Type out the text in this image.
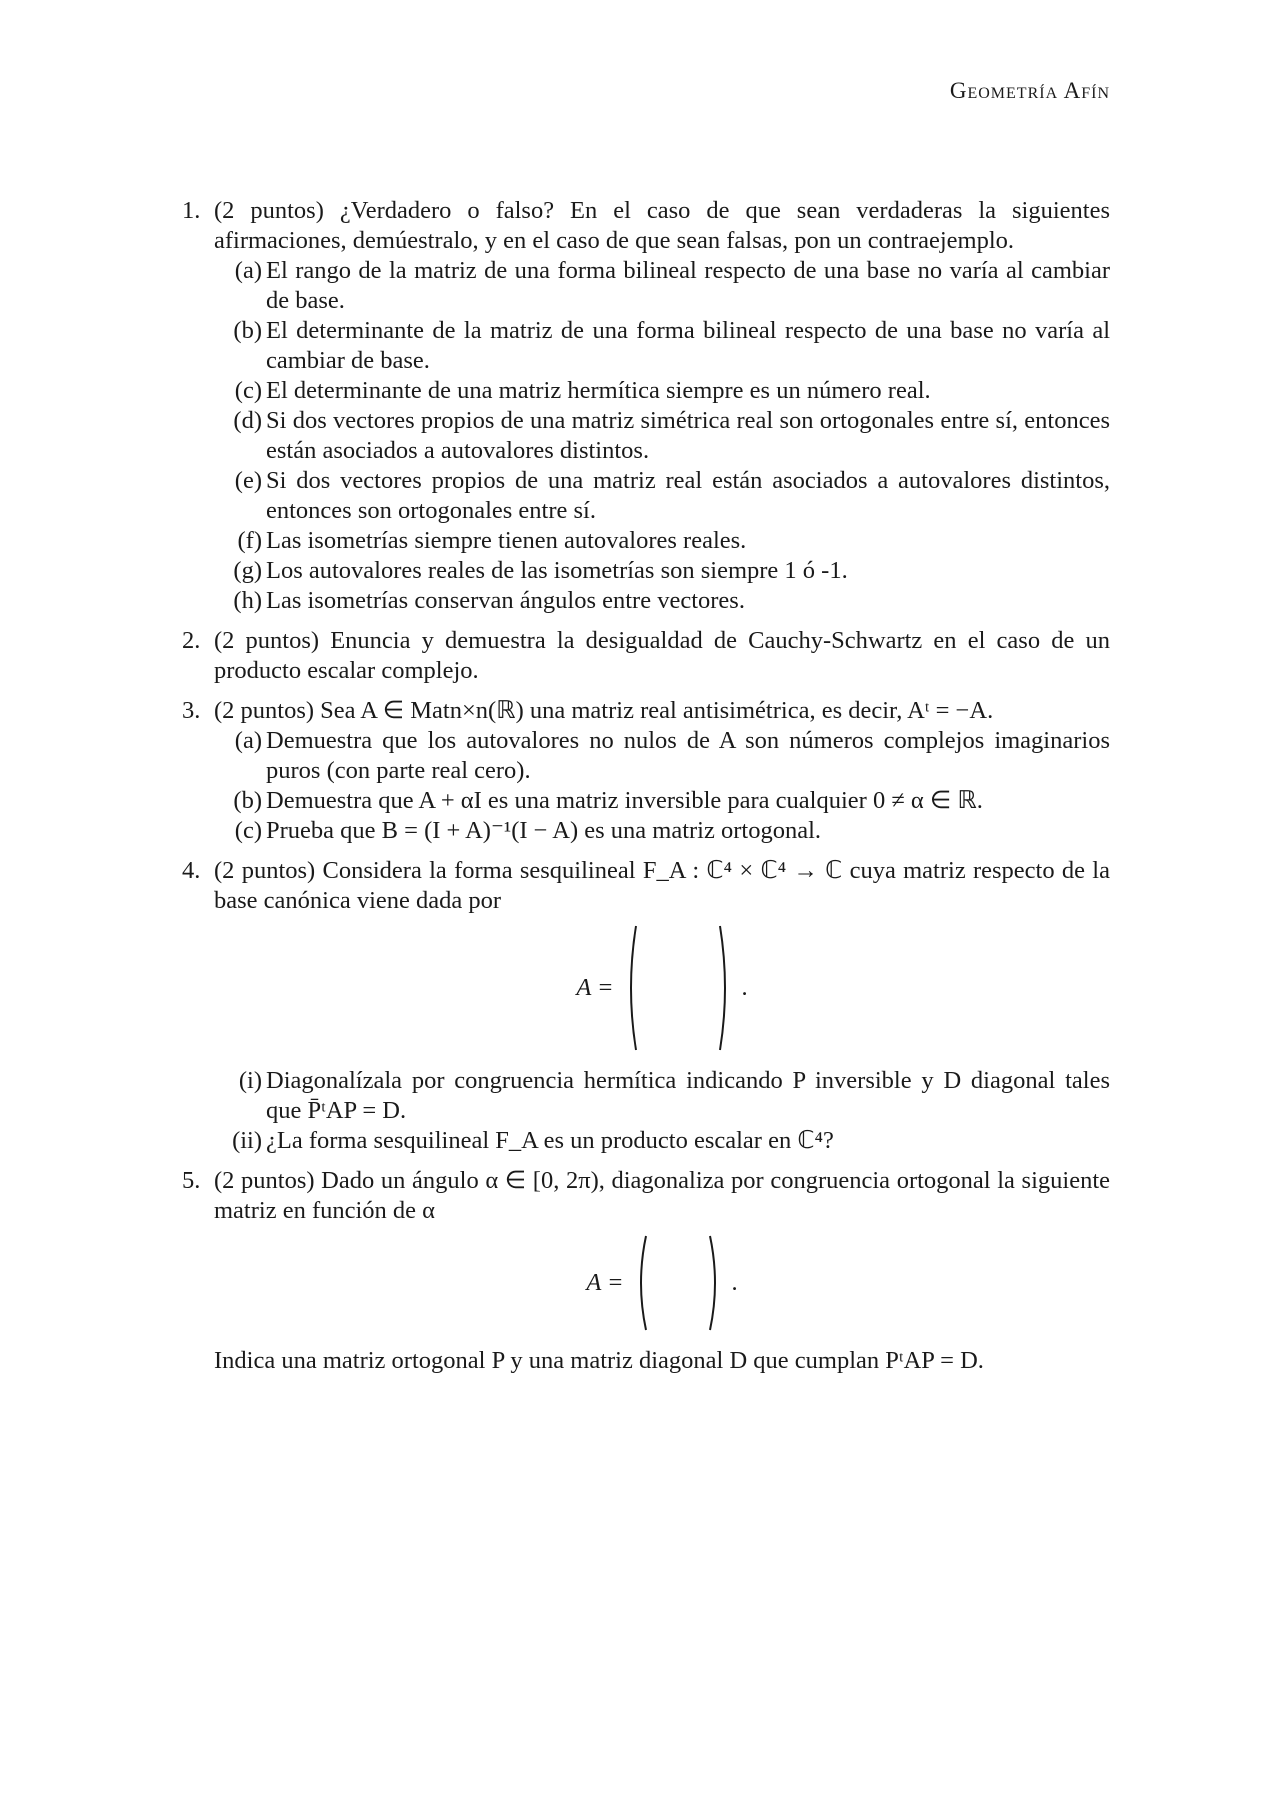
Geometría Afín
1. (2 puntos) ¿Verdadero o falso? En el caso de que sean verdaderas la siguientes afirmaciones, demúestralo, y en el caso de que sean falsas, pon un contraejemplo.
(a) El rango de la matriz de una forma bilineal respecto de una base no varía al cambiar de base.
(b) El determinante de la matriz de una forma bilineal respecto de una base no varía al cambiar de base.
(c) El determinante de una matriz hermítica siempre es un número real.
(d) Si dos vectores propios de una matriz simétrica real son ortogonales entre sí, entonces están asociados a autovalores distintos.
(e) Si dos vectores propios de una matriz real están asociados a autovalores distintos, entonces son ortogonales entre sí.
(f) Las isometrías siempre tienen autovalores reales.
(g) Los autovalores reales de las isometrías son siempre 1 ó -1.
(h) Las isometrías conservan ángulos entre vectores.
2. (2 puntos) Enuncia y demuestra la desigualdad de Cauchy-Schwartz en el caso de un producto escalar complejo.
3. (2 puntos) Sea A ∈ Matn×n(ℝ) una matriz real antisimétrica, es decir, Aᵗ = −A.
(a) Demuestra que los autovalores no nulos de A son números complejos imaginarios puros (con parte real cero).
(b) Demuestra que A + αI es una matriz inversible para cualquier 0 ≠ α ∈ ℝ.
(c) Prueba que B = (I + A)⁻¹(I − A) es una matriz ortogonal.
4. (2 puntos) Considera la forma sesquilineal F_A : ℂ⁴ × ℂ⁴ → ℂ cuya matriz respecto de la base canónica viene dada por
A =

				.
(i) Diagonalízala por congruencia hermítica indicando P inversible y D diagonal tales que P̄ᵗAP = D.
(ii) ¿La forma sesquilineal F_A es un producto escalar en ℂ⁴?
5. (2 puntos) Dado un ángulo α ∈ [0, 2π), diagonaliza por congruencia ortogonal la siguiente matriz en función de α
A =

			.
Indica una matriz ortogonal P y una matriz diagonal D que cumplan PᵗAP = D.
